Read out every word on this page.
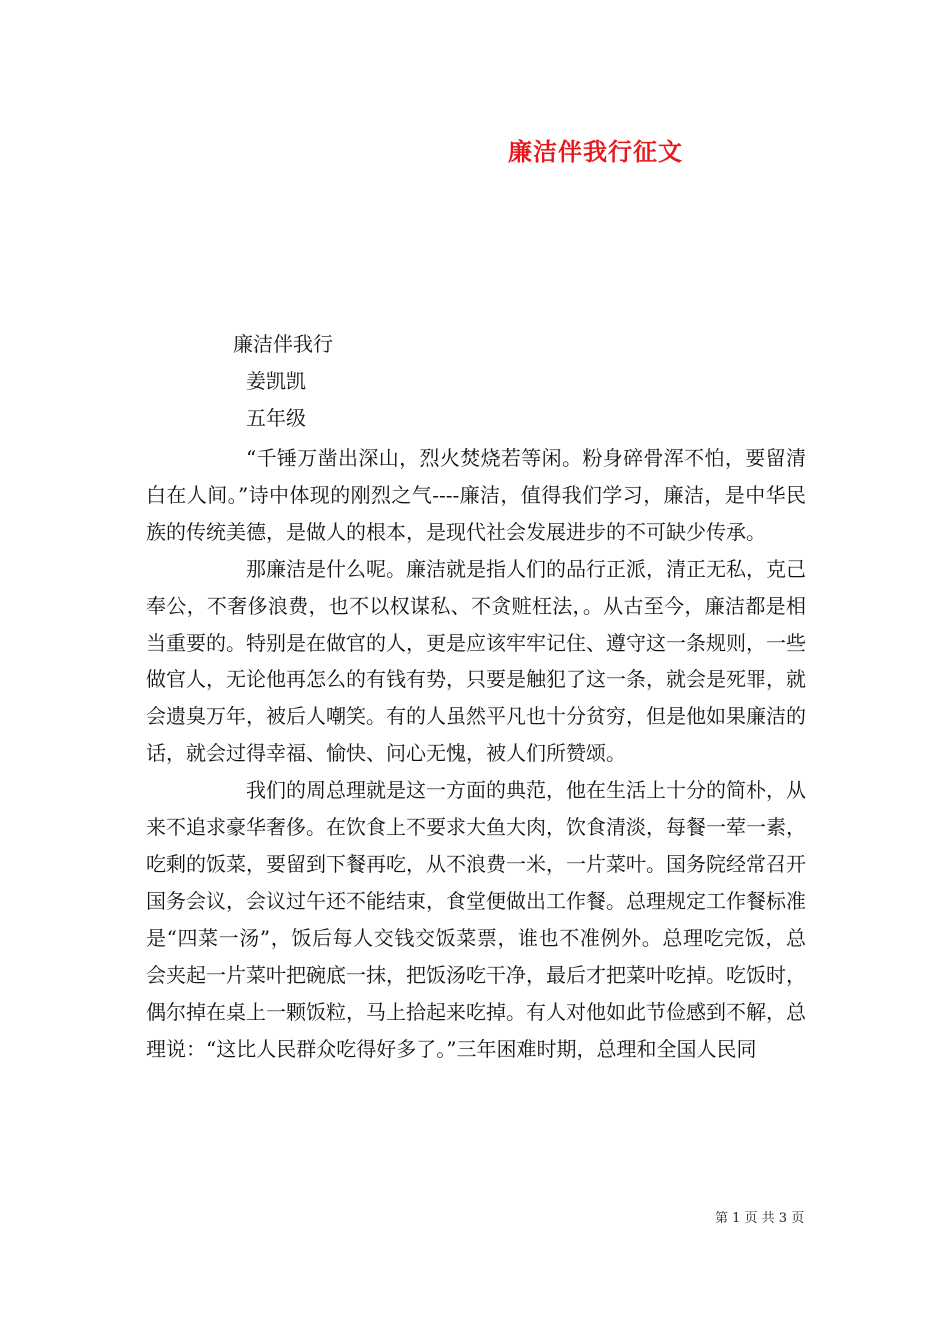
廉洁伴我行征文
廉洁伴我行
姜凯凯
五年级

“千锤万凿出深山，烈火焚烧若等闲。粉身碎骨浑不怕，要留清白在人间。”诗中体现的刚烈之气----廉洁，值得我们学习，廉洁，是中华民族的传统美德，是做人的根本，是现代社会发展进步的不可缺少传承。

那廉洁是什么呢。廉洁就是指人们的品行正派，清正无私，克己奉公，不奢侈浪费，也不以权谋私、不贪赃枉法，。从古至今，廉洁都是相当重要的。特别是在做官的人，更是应该牢牢记住、遵守这一条规则，一些做官人，无论他再怎么的有钱有势，只要是触犯了这一条，就会是死罪，就会遗臭万年，被后人嘲笑。有的人虽然平凡也十分贫穷，但是他如果廉洁的话，就会过得幸福、愉快、问心无愧，被人们所赞颂。

我们的周总理就是这一方面的典范，他在生活上十分的简朴，从来不追求豪华奢侈。在饮食上不要求大鱼大肉，饮食清淡，每餐一荤一素，吃剩的饭菜，要留到下餐再吃，从不浪费一米，一片菜叶。国务院经常召开国务会议，会议过午还不能结束，食堂便做出工作餐。总理规定工作餐标准是“四菜一汤”，饭后每人交钱交饭菜票，谁也不准例外。总理吃完饭，总会夹起一片菜叶把碗底一抹，把饭汤吃干净，最后才把菜叶吃掉。吃饭时，偶尔掉在桌上一颗饭粒，马上拾起来吃掉。有人对他如此节俭感到不解，总理说：“这比人民群众吃得好多了。”三年困难时期，总理和全国人民同

第 1 页 共 3 页
